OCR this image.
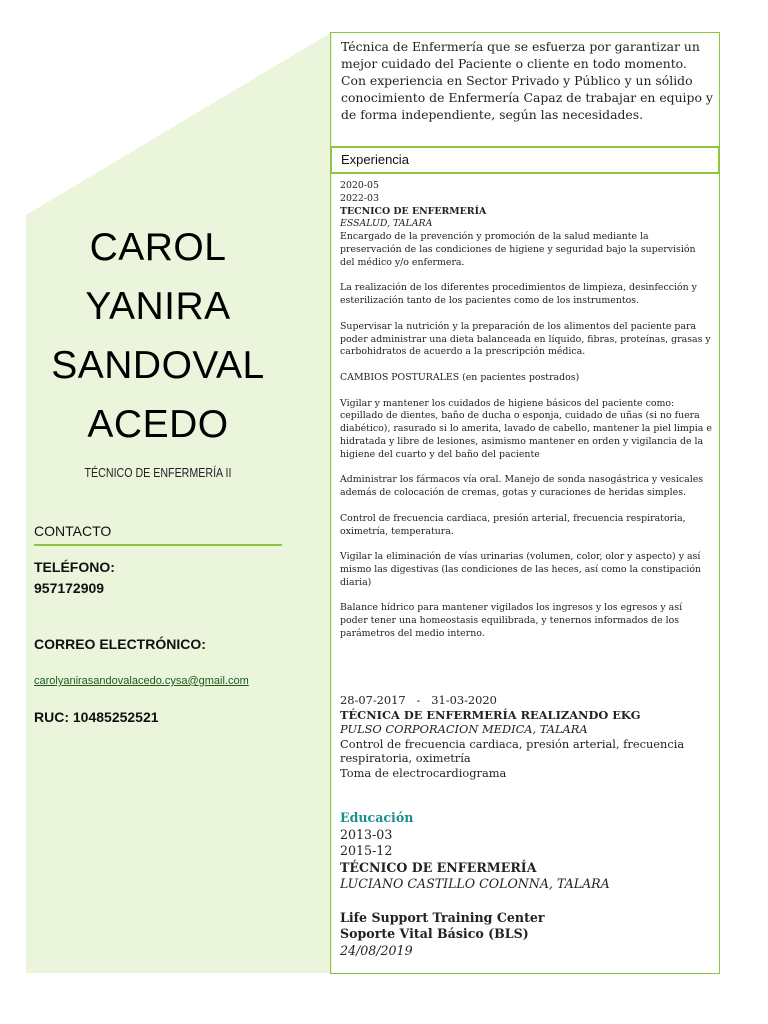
CAROL
YANIRA
SANDOVAL
ACEDO
TÉCNICO DE ENFERMERÍA II
CONTACTO
TELÉFONO:
957172909
CORREO ELECTRÓNICO:
carolyanirasandovalacedo.cysa@gmail.com
RUC: 10485252521
Técnica de Enfermería que se esfuerza por garantizar un mejor cuidado del Paciente o cliente en todo momento. Con experiencia en Sector Privado y Público y un sólido conocimiento de Enfermería Capaz de trabajar en equipo y de forma independiente, según las necesidades.
Experiencia
2020-05
2022-03
TECNICO DE ENFERMERÍA
ESSALUD, TALARA

Encargado de la prevención y promoción de la salud mediante la preservación de las condiciones de higiene y seguridad bajo la supervisión del médico y/o enfermera.

La realización de los diferentes procedimientos de limpieza, desinfección y esterilización tanto de los pacientes como de los instrumentos.

Supervisar la nutrición y la preparación de los alimentos del paciente para poder administrar una dieta balanceada en líquido, fibras, proteínas, grasas y carbohidratos de acuerdo a la prescripción médica.

CAMBIOS POSTURALES (en pacientes postrados)

Vigilar y mantener los cuidados de higiene básicos del paciente como: cepillado de dientes, baño de ducha o esponja, cuidado de uñas (si no fuera diabético), rasurado si lo amerita, lavado de cabello, mantener la piel limpia e hidratada y libre de lesiones, asimismo mantener en orden y vigilancia de la higiene del cuarto y del baño del paciente

Administrar los fármacos vía oral. Manejo de sonda nasogástrica y vesicales además de colocación de cremas, gotas y curaciones de heridas simples.

Control de frecuencia cardiaca, presión arterial, frecuencia respiratoria, oximetría, temperatura.

Vigilar la eliminación de vías urinarias (volumen, color, olor y aspecto) y así mismo las digestivas (las condiciones de las heces, así como la constipación diaria)

Balance hídrico para mantener vigilados los ingresos y los egresos y así poder tener una homeostasis equilibrada, y tenernos informados de los parámetros del medio interno.

28-07-2017   -   31-03-2020
TÉCNICA DE ENFERMERÍA REALIZANDO EKG
PULSO CORPORACION MEDICA, TALARA
Control de frecuencia cardiaca, presión arterial, frecuencia respiratoria, oximetría
Toma de electrocardiograma
Educación
2013-03
2015-12
TÉCNICO DE ENFERMERÍA
LUCIANO CASTILLO COLONNA, TALARA
Life Support Training Center
Soporte Vital Básico (BLS)
24/08/2019
